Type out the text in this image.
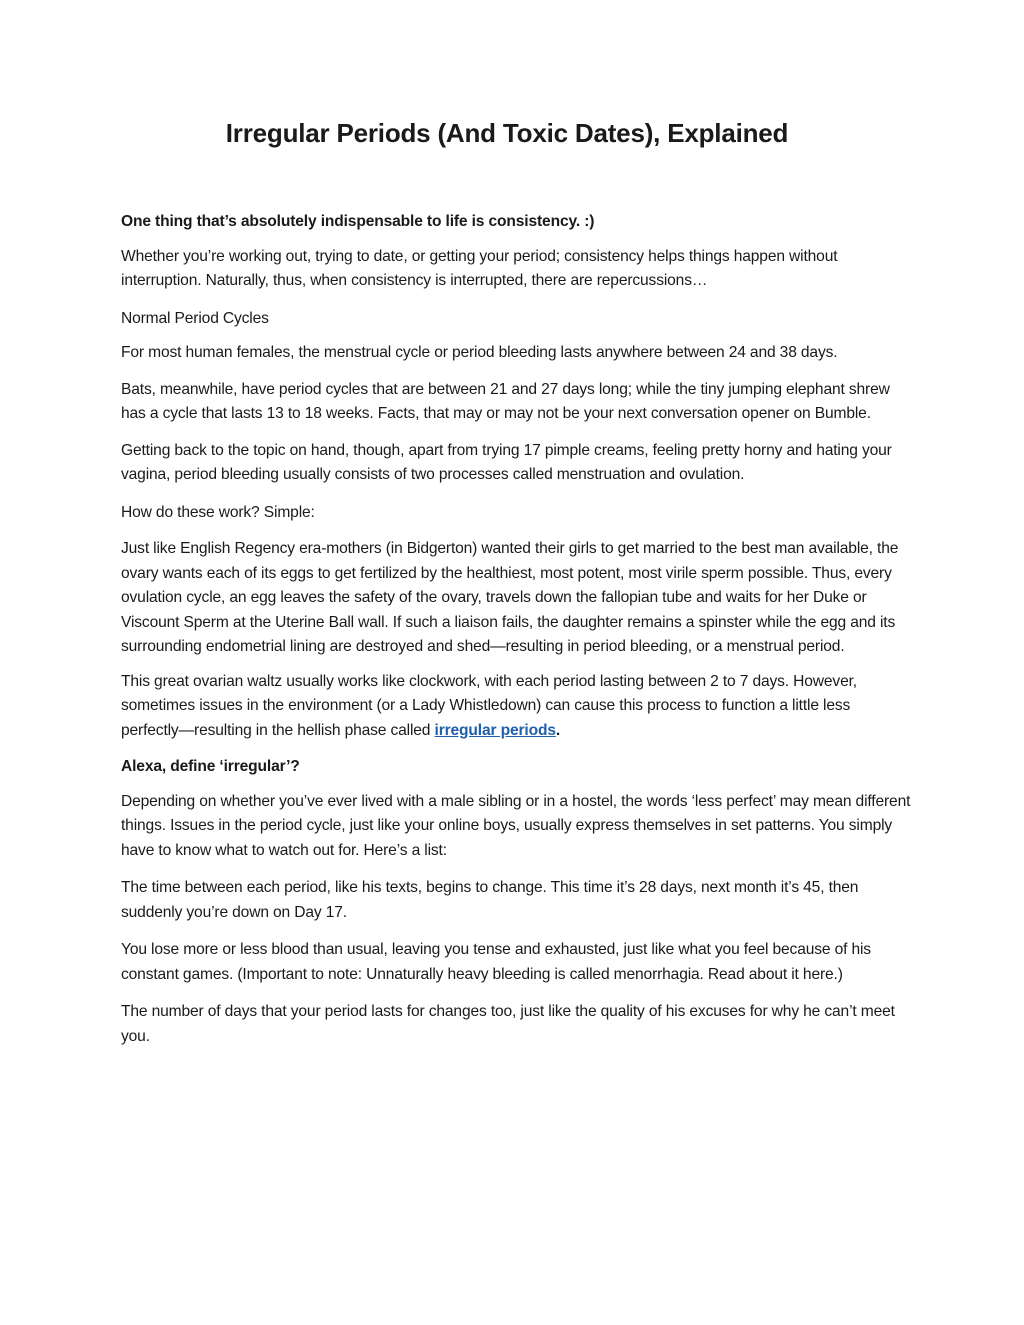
Irregular Periods (And Toxic Dates), Explained

One thing that’s absolutely indispensable to life is consistency. :)

Whether you’re working out, trying to date, or getting your period; consistency helps things happen without interruption. Naturally, thus, when consistency is interrupted, there are repercussions…

Normal Period Cycles

For most human females, the menstrual cycle or period bleeding lasts anywhere between 24 and 38 days.

Bats, meanwhile, have period cycles that are between 21 and 27 days long; while the tiny jumping elephant shrew has a cycle that lasts 13 to 18 weeks. Facts, that may or may not be your next conversation opener on Bumble.

Getting back to the topic on hand, though, apart from trying 17 pimple creams, feeling pretty horny and hating your vagina, period bleeding usually consists of two processes called menstruation and ovulation.

How do these work? Simple:

Just like English Regency era-mothers (in Bidgerton) wanted their girls to get married to the best man available, the ovary wants each of its eggs to get fertilized by the healthiest, most potent, most virile sperm possible. Thus, every ovulation cycle, an egg leaves the safety of the ovary, travels down the fallopian tube and waits for her Duke or Viscount Sperm at the Uterine Ball wall. If such a liaison fails, the daughter remains a spinster while the egg and its surrounding endometrial lining are destroyed and shed—resulting in period bleeding, or a menstrual period.

This great ovarian waltz usually works like clockwork, with each period lasting between 2 to 7 days. However, sometimes issues in the environment (or a Lady Whistledown) can cause this process to function a little less perfectly—resulting in the hellish phase called irregular periods.

Alexa, define ‘irregular’?

Depending on whether you’ve ever lived with a male sibling or in a hostel, the words ‘less perfect’ may mean different things. Issues in the period cycle, just like your online boys, usually express themselves in set patterns. You simply have to know what to watch out for. Here’s a list:

The time between each period, like his texts, begins to change. This time it’s 28 days, next month it’s 45, then suddenly you’re down on Day 17.

You lose more or less blood than usual, leaving you tense and exhausted, just like what you feel because of his constant games. (Important to note: Unnaturally heavy bleeding is called menorrhagia. Read about it here.)

The number of days that your period lasts for changes too, just like the quality of his excuses for why he can’t meet you.
